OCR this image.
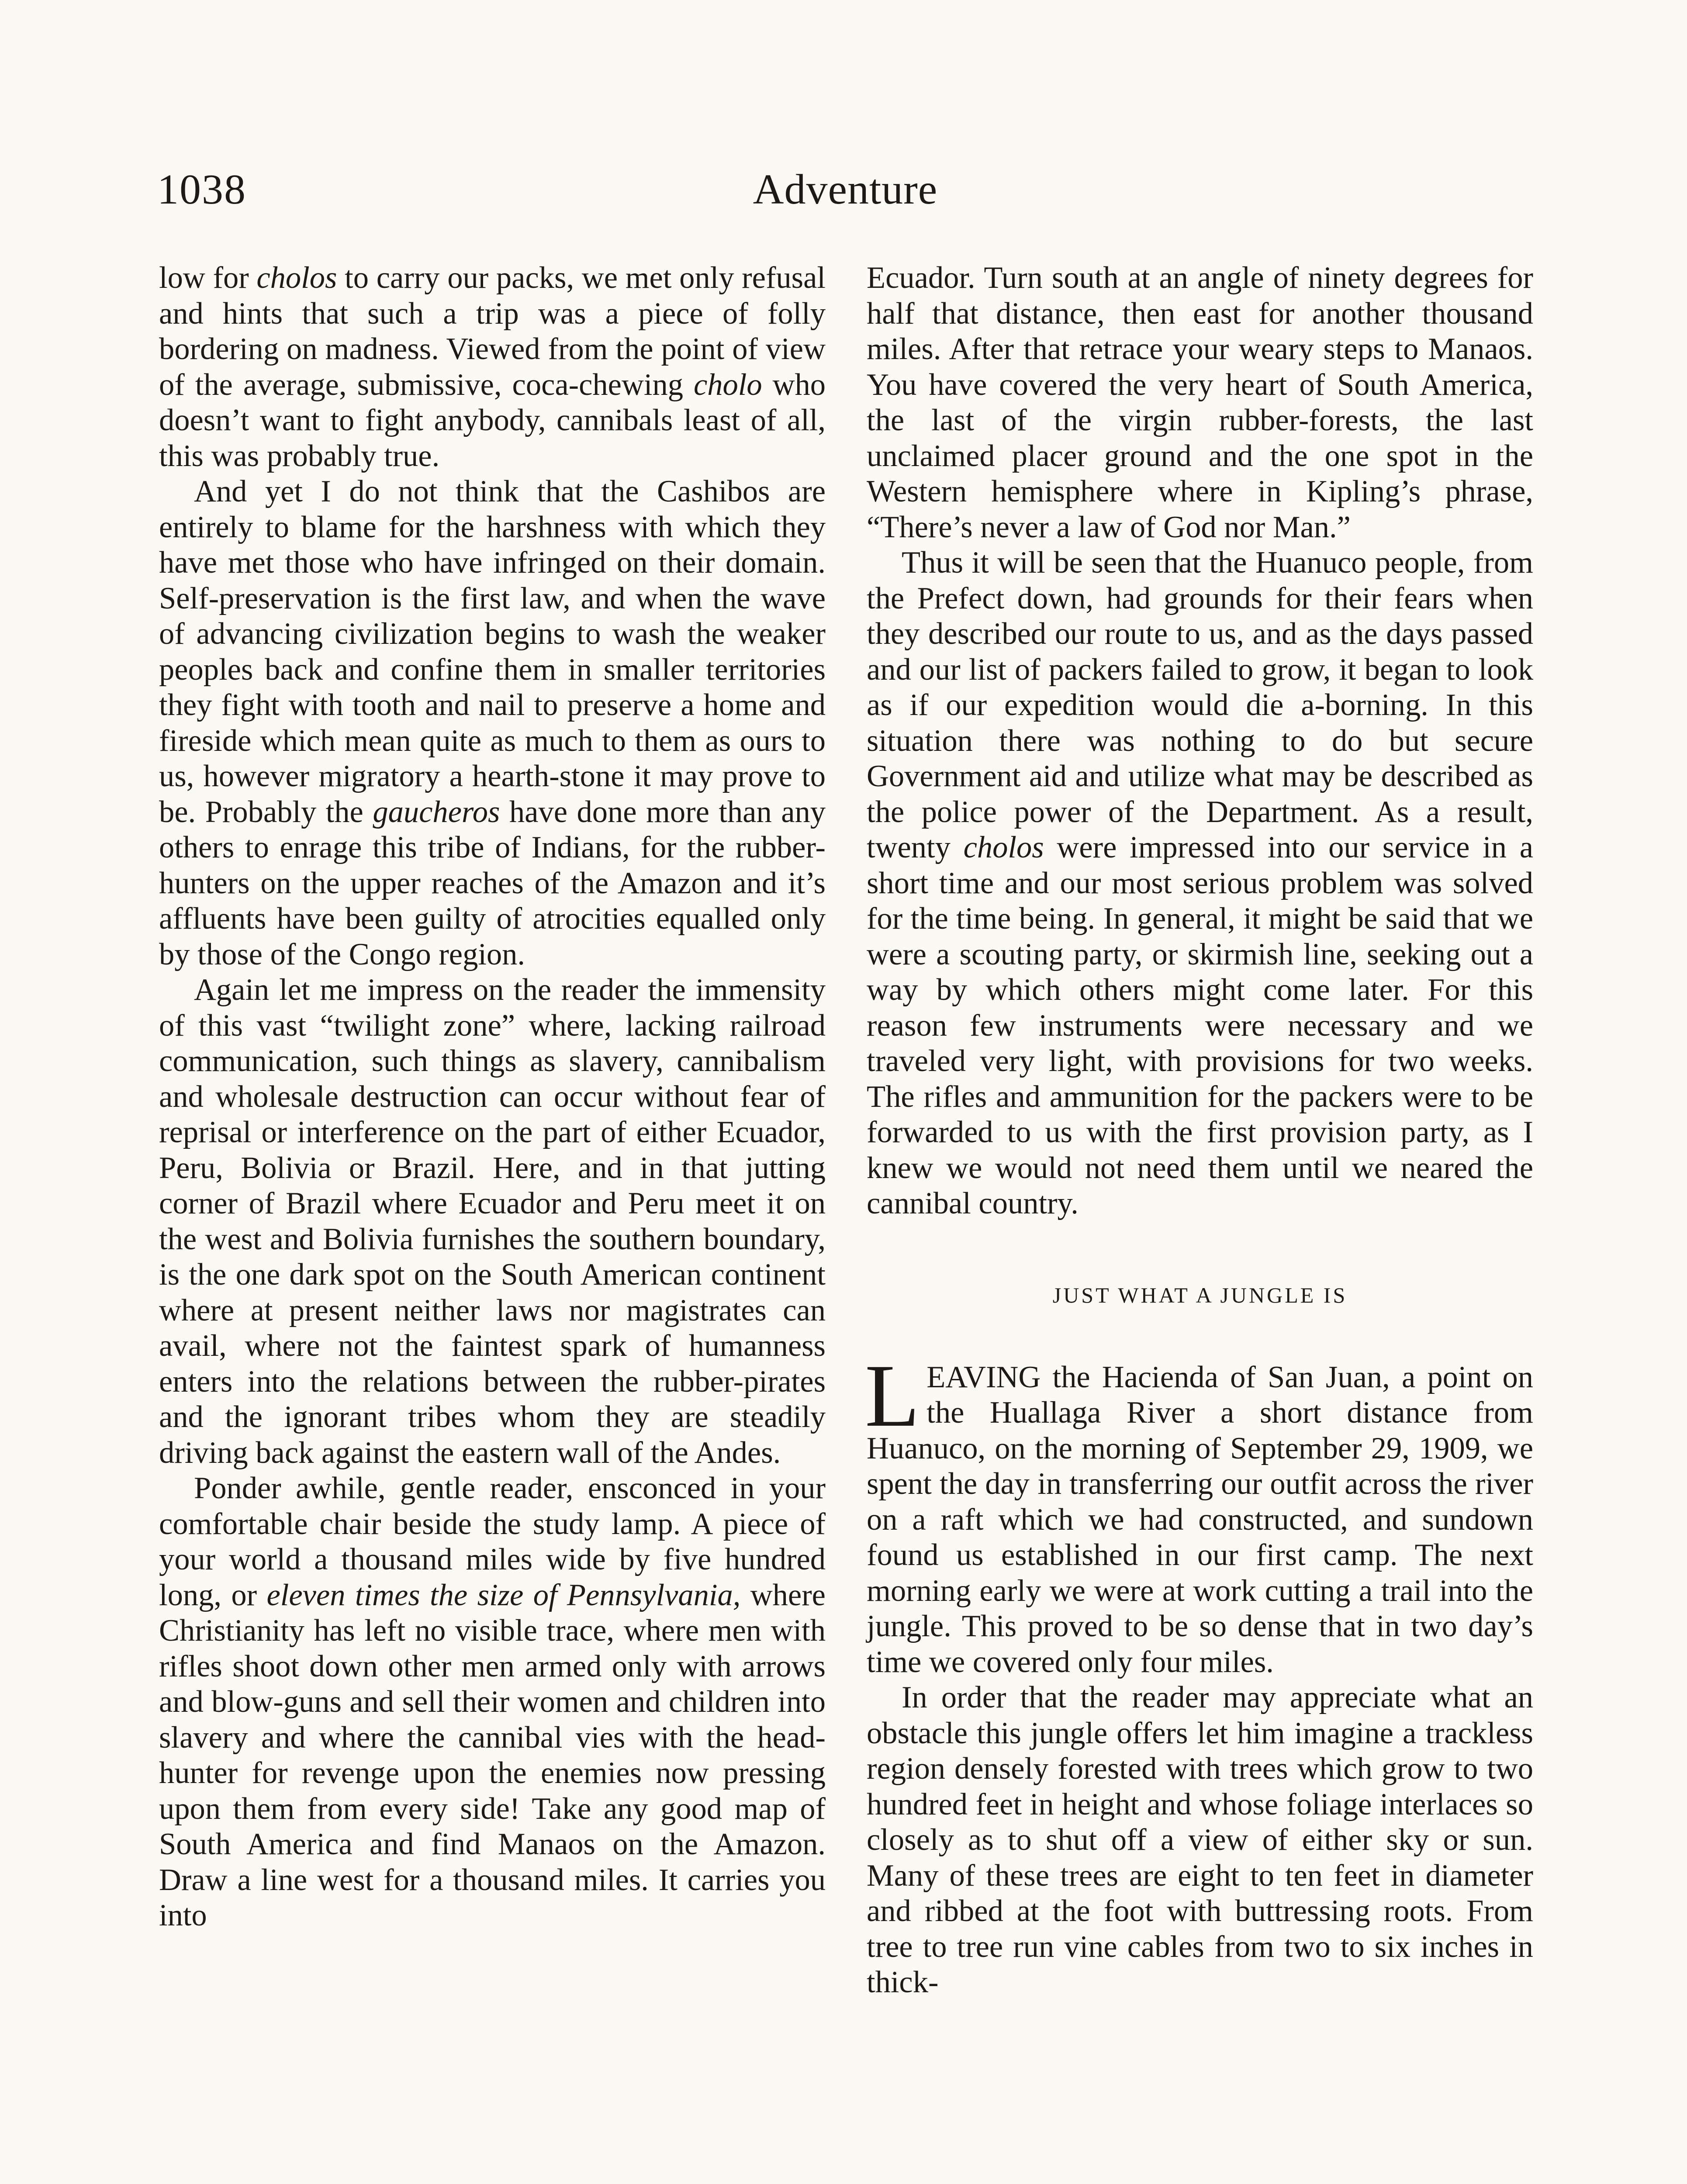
1038	Adventure

low for cholos to carry our packs, we met only refusal and hints that such a trip was a piece of folly bordering on madness. Viewed from the point of view of the average, submissive, coca-chewing cholo who doesn’t want to fight anybody, cannibals least of all, this was probably true.

And yet I do not think that the Cashibos are entirely to blame for the harshness with which they have met those who have infringed on their domain. Self-preservation is the first law, and when the wave of advancing civilization begins to wash the weaker peoples back and confine them in smaller territories they fight with tooth and nail to preserve a home and fireside which mean quite as much to them as ours to us, however migratory a hearth-stone it may prove to be. Probably the gaucheros have done more than any others to enrage this tribe of Indians, for the rubber-hunters on the upper reaches of the Amazon and it’s affluents have been guilty of atrocities equalled only by those of the Congo region.

Again let me impress on the reader the immensity of this vast “twilight zone” where, lacking railroad communication, such things as slavery, cannibalism and wholesale destruction can occur without fear of reprisal or interference on the part of either Ecuador, Peru, Bolivia or Brazil. Here, and in that jutting corner of Brazil where Ecuador and Peru meet it on the west and Bolivia furnishes the southern boundary, is the one dark spot on the South American continent where at present neither laws nor magistrates can avail, where not the faintest spark of humanness enters into the relations between the rubber-pirates and the ignorant tribes whom they are steadily driving back against the eastern wall of the Andes.

Ponder awhile, gentle reader, ensconced in your comfortable chair beside the study lamp. A piece of your world a thousand miles wide by five hundred long, or eleven times the size of Pennsylvania, where Christianity has left no visible trace, where men with rifles shoot down other men armed only with arrows and blow-guns and sell their women and children into slavery and where the cannibal vies with the head-hunter for revenge upon the enemies now pressing upon them from every side! Take any good map of South America and find Manaos on the Amazon. Draw a line west for a thousand miles. It carries you into

Ecuador. Turn south at an angle of ninety degrees for half that distance, then east for another thousand miles. After that retrace your weary steps to Manaos. You have covered the very heart of South America, the last of the virgin rubber-forests, the last unclaimed placer ground and the one spot in the Western hemisphere where in Kipling’s phrase, “There’s never a law of God nor Man.”

Thus it will be seen that the Huanuco people, from the Prefect down, had grounds for their fears when they described our route to us, and as the days passed and our list of packers failed to grow, it began to look as if our expedition would die a-borning. In this situation there was nothing to do but secure Government aid and utilize what may be described as the police power of the Department. As a result, twenty cholos were impressed into our service in a short time and our most serious problem was solved for the time being. In general, it might be said that we were a scouting party, or skirmish line, seeking out a way by which others might come later. For this reason few instruments were necessary and we traveled very light, with provisions for two weeks. The rifles and ammunition for the packers were to be forwarded to us with the first provision party, as I knew we would not need them until we neared the cannibal country.

JUST WHAT A JUNGLE IS

LEAVING the Hacienda of San Juan, a point on the Huallaga River a short distance from Huanuco, on the morning of September 29, 1909, we spent the day in transferring our outfit across the river on a raft which we had constructed, and sundown found us established in our first camp. The next morning early we were at work cutting a trail into the jungle. This proved to be so dense that in two day’s time we covered only four miles.

In order that the reader may appreciate what an obstacle this jungle offers let him imagine a trackless region densely forested with trees which grow to two hundred feet in height and whose foliage interlaces so closely as to shut off a view of either sky or sun. Many of these trees are eight to ten feet in diameter and ribbed at the foot with buttressing roots. From tree to tree run vine cables from two to six inches in thick-
